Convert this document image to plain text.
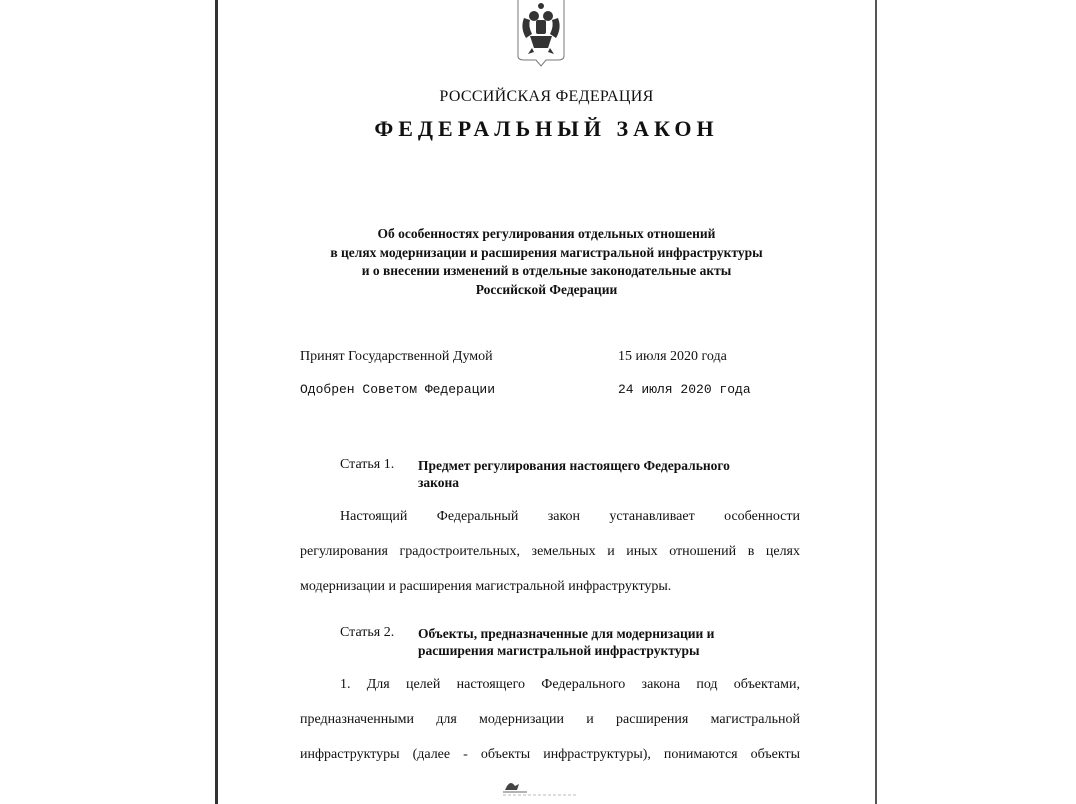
РОССИЙСКАЯ ФЕДЕРАЦИЯ
ФЕДЕРАЛЬНЫЙ ЗАКОН
Об особенностях регулирования отдельных отношений
в целях модернизации и расширения магистральной инфраструктуры
и о внесении изменений в отдельные законодательные акты
Российской Федерации
Принят Государственной Думой	15 июля 2020 года
Одобрен Советом Федерации	24 июля 2020 года
Статья 1. Предмет регулирования настоящего Федерального
закона
Настоящий Федеральный закон устанавливает особенности
регулирования градостроительных, земельных и иных отношений в целях
модернизации и расширения магистральной инфраструктуры.
Статья 2. Объекты, предназначенные для модернизации и
расширения магистральной инфраструктуры
1. Для целей настоящего Федерального закона под объектами,
предназначенными для модернизации и расширения магистральной
инфраструктуры (далее - объекты инфраструктуры), понимаются объекты
